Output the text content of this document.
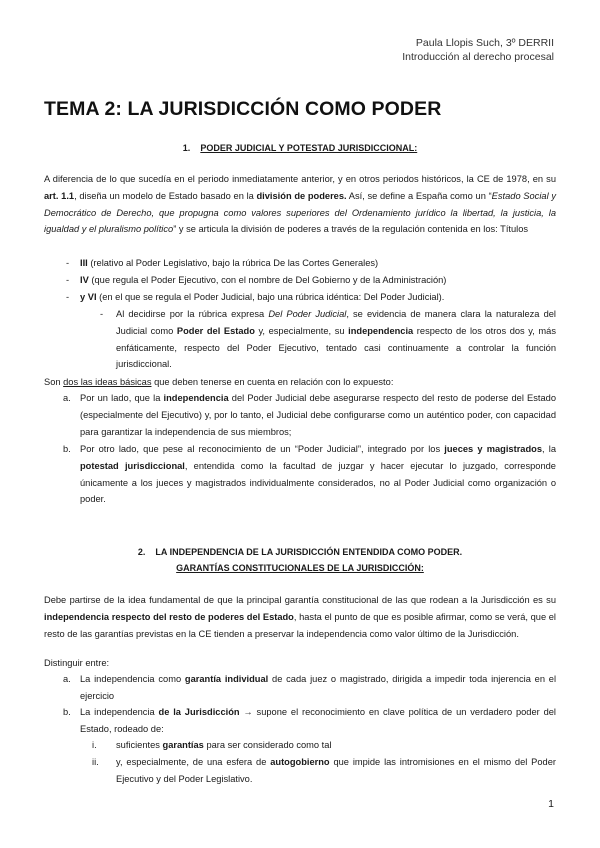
Paula Llopis Such, 3º DERRII
Introducción al derecho procesal
TEMA 2: LA JURISDICCIÓN COMO PODER
1. PODER JUDICIAL Y POTESTAD JURISDICCIONAL:
A diferencia de lo que sucedía en el periodo inmediatamente anterior, y en otros periodos históricos, la CE de 1978, en su art. 1.1, diseña un modelo de Estado basado en la división de poderes. Así, se define a España como un “Estado Social y Democrático de Derecho, que propugna como valores superiores del Ordenamiento jurídico la libertad, la justicia, la igualdad y el pluralismo político” y se articula la división de poderes a través de la regulación contenida en los: Títulos
- III (relativo al Poder Legislativo, bajo la rúbrica De las Cortes Generales)
- IV (que regula el Poder Ejecutivo, con el nombre de Del Gobierno y de la Administración)
- y VI (en el que se regula el Poder Judicial, bajo una rúbrica idéntica: Del Poder Judicial).
- Al decidirse por la rúbrica expresa Del Poder Judicial, se evidencia de manera clara la naturaleza del Judicial como Poder del Estado y, especialmente, su independencia respecto de los otros dos y, más enfáticamente, respecto del Poder Ejecutivo, tentado casi continuamente a controlar la función jurisdiccional.
Son dos las ideas básicas que deben tenerse en cuenta en relación con lo expuesto:
a. Por un lado, que la independencia del Poder Judicial debe asegurarse respecto del resto de poderse del Estado (especialmente del Ejecutivo) y, por lo tanto, el Judicial debe configurarse como un auténtico poder, con capacidad para garantizar la independencia de sus miembros;
b. Por otro lado, que pese al reconocimiento de un “Poder Judicial”, integrado por los jueces y magistrados, la potestad jurisdiccional, entendida como la facultad de juzgar y hacer ejecutar lo juzgado, corresponde únicamente a los jueces y magistrados individualmente considerados, no al Poder Judicial como organización o poder.
2. LA INDEPENDENCIA DE LA JURISDICCIÓN ENTENDIDA COMO PODER.
GARANTÍAS CONSTITUCIONALES DE LA JURISDICCIÓN:
Debe partirse de la idea fundamental de que la principal garantía constitucional de las que rodean a la Jurisdicción es su independencia respecto del resto de poderes del Estado, hasta el punto de que es posible afirmar, como se verá, que el resto de las garantías previstas en la CE tienden a preservar la independencia como valor último de la Jurisdicción.
Distinguir entre:
a. La independencia como garantía individual de cada juez o magistrado, dirigida a impedir toda injerencia en el ejercicio
b. La independencia de la Jurisdicción → supone el reconocimiento en clave política de un verdadero poder del Estado, rodeado de:
i. suficientes garantías para ser considerado como tal
ii. y, especialmente, de una esfera de autogobierno que impide las intromisiones en el mismo del Poder Ejecutivo y del Poder Legislativo.
1
